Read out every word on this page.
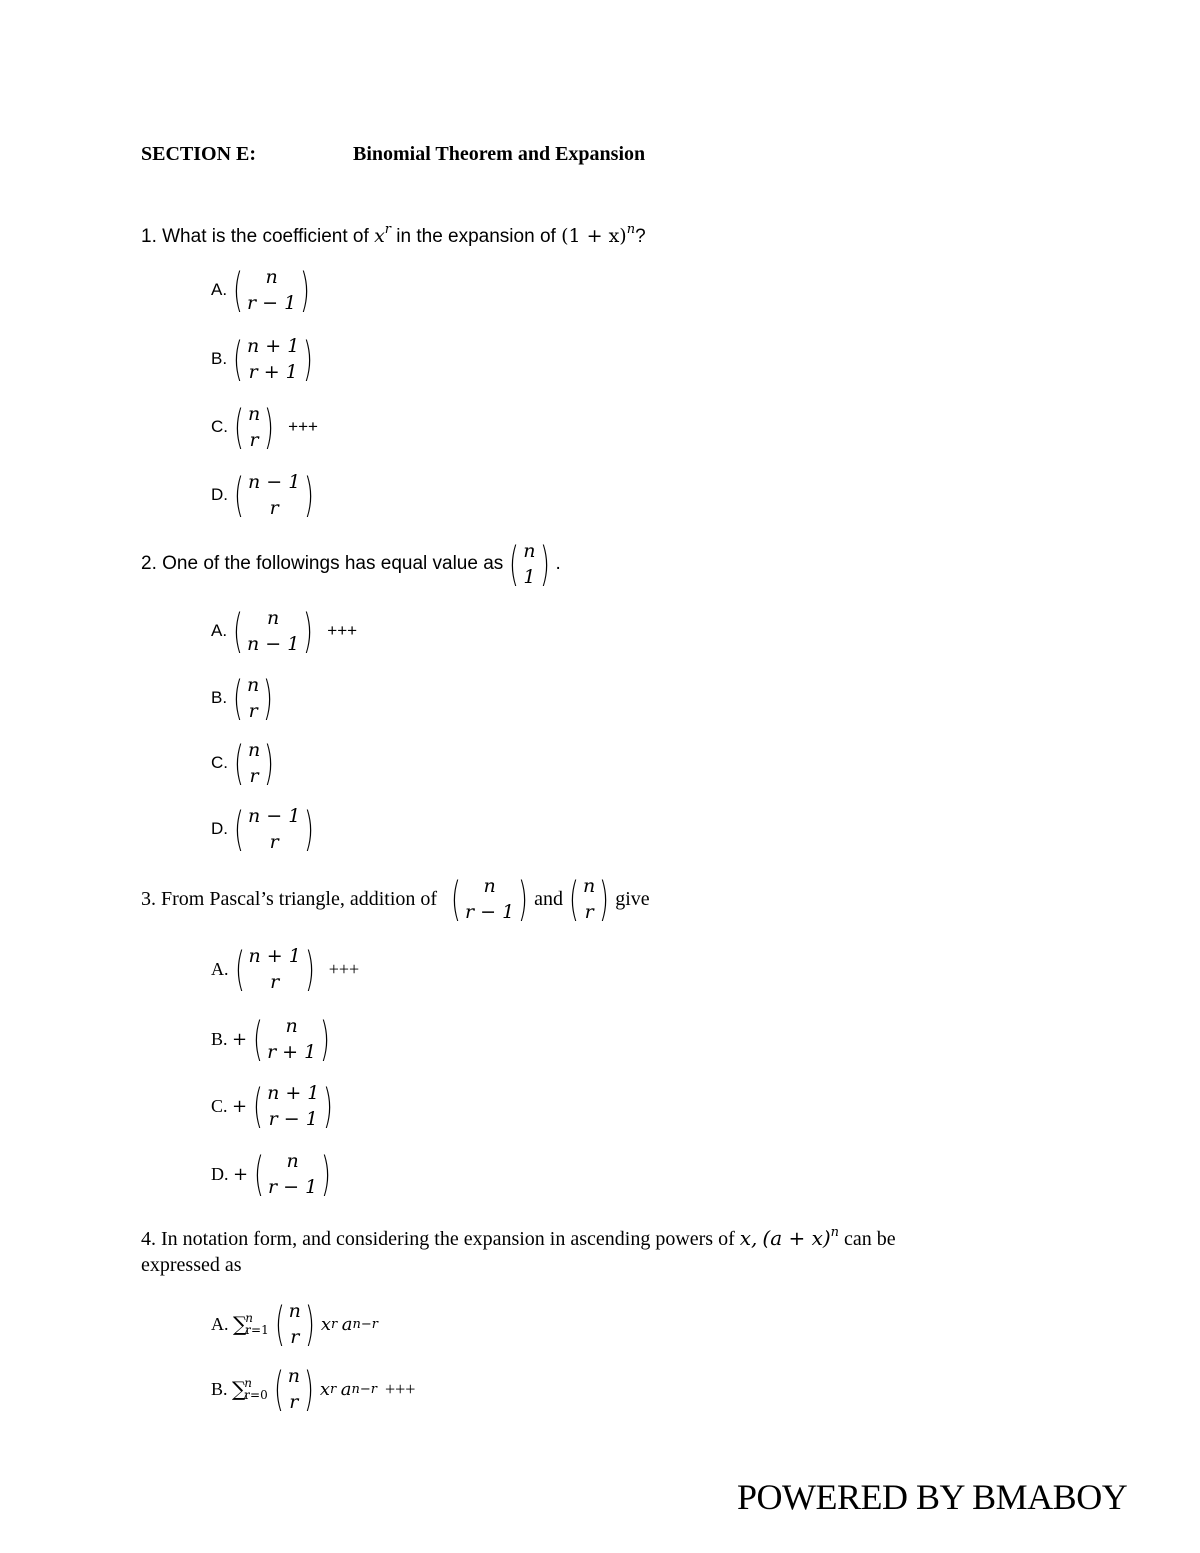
SECTION E:	Binomial Theorem and Expansion
1. What is the coefficient of $x^r$ in the expansion of $(1 + x)^n$?
A. ( n
r − 1 )
B. ( n + 1
r + 1 )
C. ( n
r ) +++
D. ( n − 1
r )
2. One of the followings has equal value as ( n
1 ) .
A. ( n
n − 1 ) +++
B. ( n
r )
C. ( n
r )
D. ( n − 1
r )
3. From Pascal’s triangle, addition of ( n
r − 1 ) and ( n
r ) give
A. ( n + 1
r ) +++
B.
+ ( n
r + 1 )
C.
+ ( n + 1
r − 1 )
D.
+ ( n
r − 1 )
4. In notation form, and considering the expansion in ascending powers of x, $(a + x)^n$ can be
expressed as
A.
∑
n
r=1 ( n
r ) x r
a n−r
B.
∑
n
r=0 ( n
r ) x r
a n−r +++
POWERED BY BMABOY
